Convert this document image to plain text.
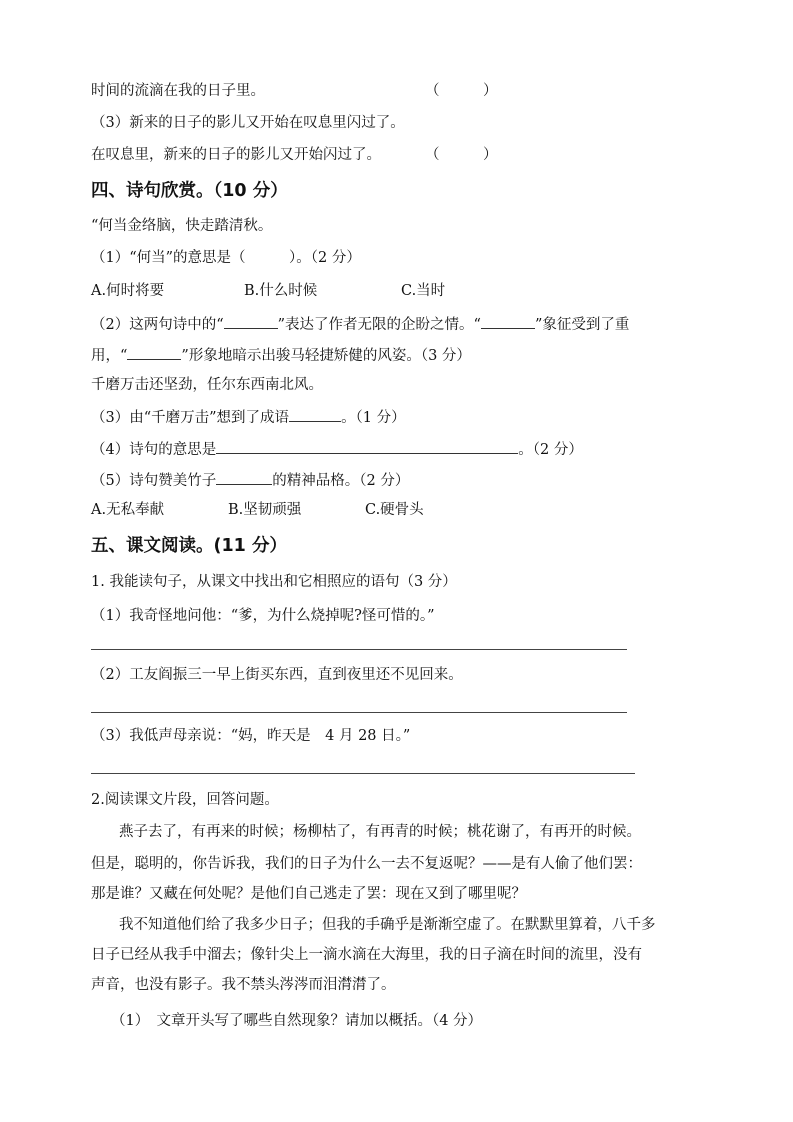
时间的流滴在我的日子里。	（　　　）
（3）新来的日子的影儿又开始在叹息里闪过了。
在叹息里，新来的日子的影儿又开始闪过了。	（　　　）
四、诗句欣赏。（10 分）
“何当金络脑，快走踏清秋。
（1）“何当”的意思是（　　　）。（2 分）
A.何时将要	B.什么时候	C.当时
（2）这两句诗中的“	”表达了作者无限的企盼之情。“	”象征受到了重
用，“	”形象地暗示出骏马轻捷矫健的风姿。（3 分）
千磨万击还坚劲，任尔东西南北风。
（3）由“千磨万击”想到了成语	。（1 分）
（4）诗句的意思是	。（2 分）
（5）诗句赞美竹子	的精神品格。（2 分）
A.无私奉献	B.坚韧顽强	C.硬骨头
五、课文阅读。(11 分）
1. 我能读句子，从课文中找出和它相照应的语句（3 分）
（1）我奇怪地问他：“爹，为什么烧掉呢?怪可惜的。”
（2）工友阎振三一早上街买东西，直到夜里还不见回来。
（3）我低声母亲说：“妈，昨天是　4 月 28 日。”
2.阅读课文片段，回答问题。
燕子去了，有再来的时候；杨柳枯了，有再青的时候；桃花谢了，有再开的时候。
但是，聪明的，你告诉我，我们的日子为什么一去不复返呢？——是有人偷了他们罢：
那是谁？又藏在何处呢？是他们自己逃走了罢：现在又到了哪里呢？
我不知道他们给了我多少日子；但我的手确乎是渐渐空虚了。在默默里算着，八千多
日子已经从我手中溜去；像针尖上一滴水滴在大海里，我的日子滴在时间的流里，没有
声音，也没有影子。我不禁头涔涔而泪潸潸了。
（1）　文章开头写了哪些自然现象？请加以概括。（4 分）
